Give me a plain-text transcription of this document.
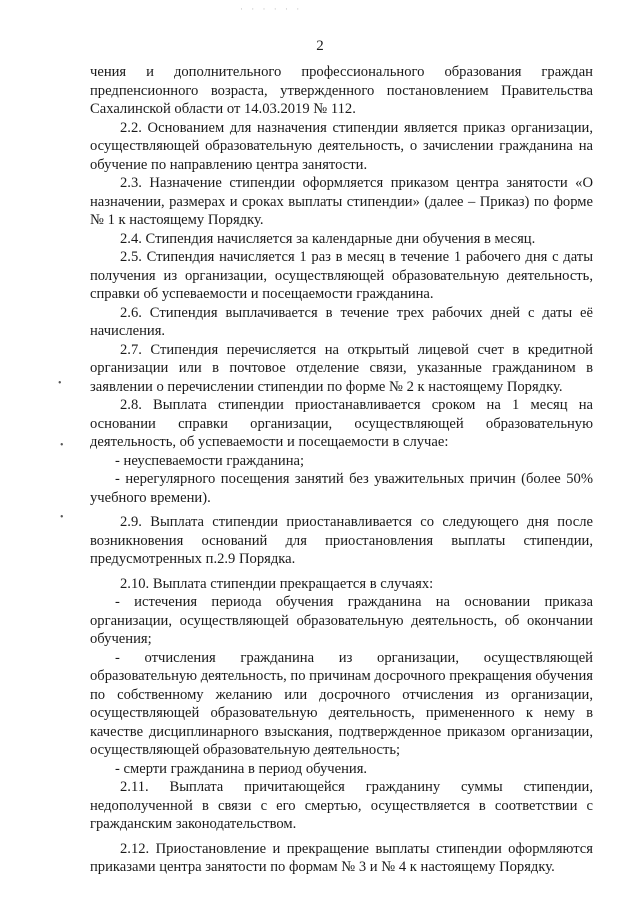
· · · · · ·
•
•
•
2

чения и дополнительного профессионального образования граждан предпенсионного возраста, утвержденного постановлением Правительства Сахалинской области от 14.03.2019 № 112.

2.2. Основанием для назначения стипендии является приказ организации, осуществляющей образовательную деятельность, о зачислении гражданина на обучение по направлению центра занятости.

2.3. Назначение стипендии оформляется приказом центра занятости «О назначении, размерах и сроках выплаты стипендии» (далее – Приказ) по форме № 1 к настоящему Порядку.

2.4. Стипендия начисляется за календарные дни обучения в месяц.

2.5. Стипендия начисляется 1 раз в месяц в течение 1 рабочего дня с даты получения из организации, осуществляющей образовательную деятельность, справки об успеваемости и посещаемости гражданина.

2.6. Стипендия выплачивается в течение трех рабочих дней с даты её начисления.

2.7. Стипендия перечисляется на открытый лицевой счет в кредитной организации или в почтовое отделение связи, указанные гражданином в заявлении о перечислении стипендии по форме № 2 к настоящему Порядку.

2.8. Выплата стипендии приостанавливается сроком на 1 месяц на основании справки организации, осуществляющей образовательную деятельность, об успеваемости и посещаемости в случае:

- неуспеваемости гражданина;

- нерегулярного посещения занятий без уважительных причин (более 50% учебного времени).

2.9. Выплата стипендии приостанавливается со следующего дня после возникновения оснований для приостановления выплаты стипендии, предусмотренных п.2.9 Порядка.

2.10. Выплата стипендии прекращается в случаях:

- истечения периода обучения гражданина на основании приказа организации, осуществляющей образовательную деятельность, об окончании обучения;

- отчисления гражданина из организации, осуществляющей образовательную деятельность, по причинам досрочного прекращения обучения по собственному желанию или досрочного отчисления из организации, осуществляющей образовательную деятельность, примененного к нему в качестве дисциплинарного взыскания, подтвержденное приказом организации, осуществляющей образовательную деятельность;

- смерти гражданина в период обучения.

2.11. Выплата причитающейся гражданину суммы стипендии, недополученной в связи с его смертью, осуществляется в соответствии с гражданским законодательством.

2.12. Приостановление и прекращение выплаты стипендии оформляются приказами центра занятости по формам № 3 и № 4 к настоящему Порядку.
